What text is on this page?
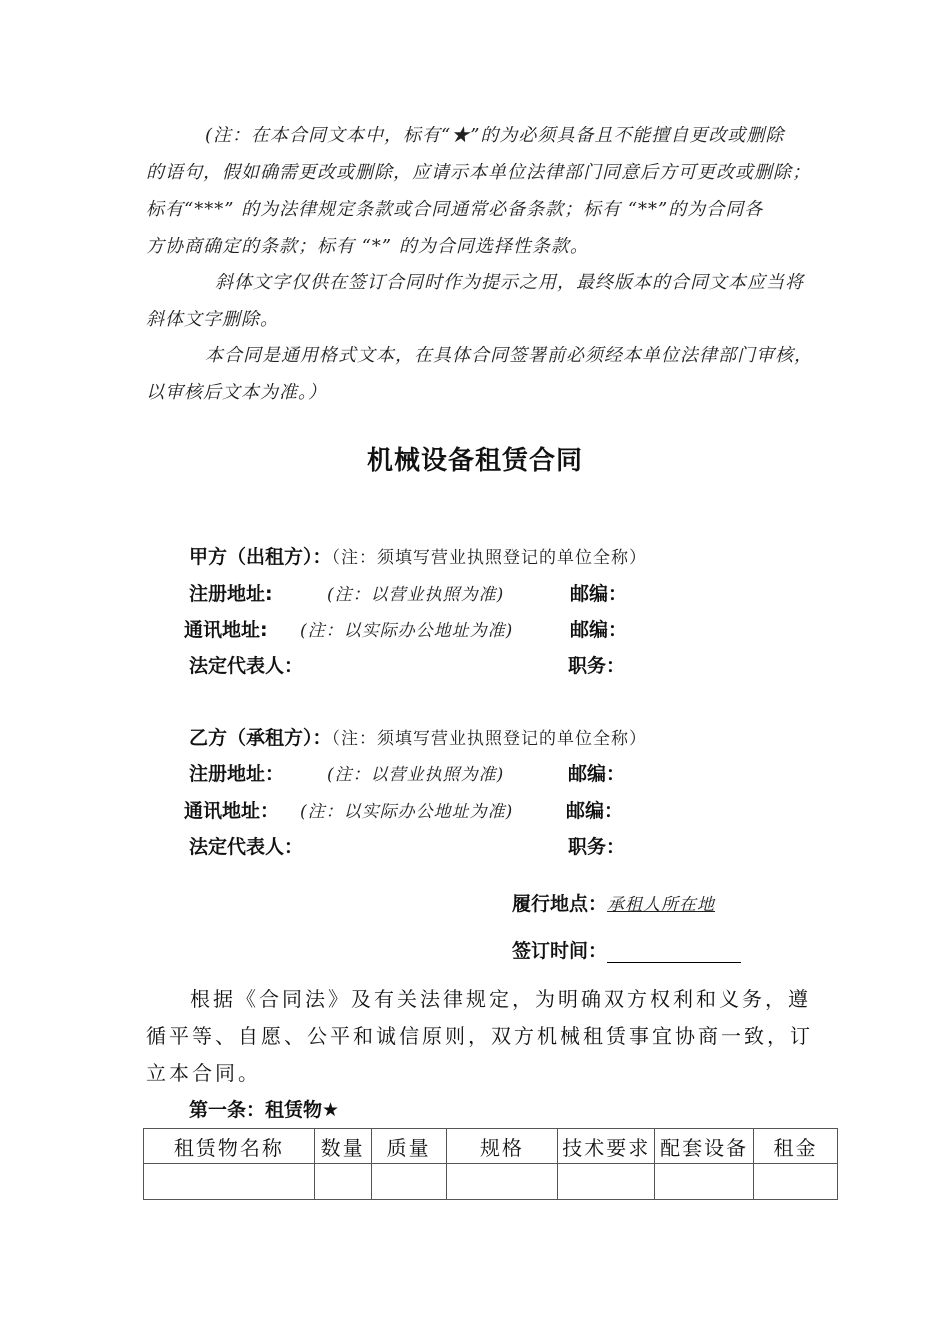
(注：在本合同文本中，标有“★”的为必须具备且不能擅自更改或删除
的语句，假如确需更改或删除，应请示本单位法律部门同意后方可更改或删除；
标有“***” 的为法律规定条款或合同通常必备条款；标有 “**”的为合同各
方协商确定的条款；标有 “*” 的为合同选择性条款。
斜体文字仅供在签订合同时作为提示之用，最终版本的合同文本应当将
斜体文字删除。
本合同是通用格式文本，在具体合同签署前必须经本单位法律部门审核，
以审核后文本为准。）
机械设备租赁合同
甲方（出租方）：（注：须填写营业执照登记的单位全称）
注册地址:	(注：以营业执照为准)	邮编：
通讯地址: (注：以实际办公地址为准)	邮编：
法定代表人：	职务：
乙方（承租方）：（注：须填写营业执照登记的单位全称）
注册地址：	(注：以营业执照为准)	邮编：
通讯地址： (注：以实际办公地址为准)	邮编：
法定代表人：	职务：
履行地点：承租人所在地
签订时间：
根据《合同法》及有关法律规定，为明确双方权利和义务，遵
循平等、自愿、公平和诚信原则，双方机械租赁事宜协商一致，订
立本合同。
第一条：租赁物★
租赁物名称	数量	质量	规格	技术要求	配套设备	租金
